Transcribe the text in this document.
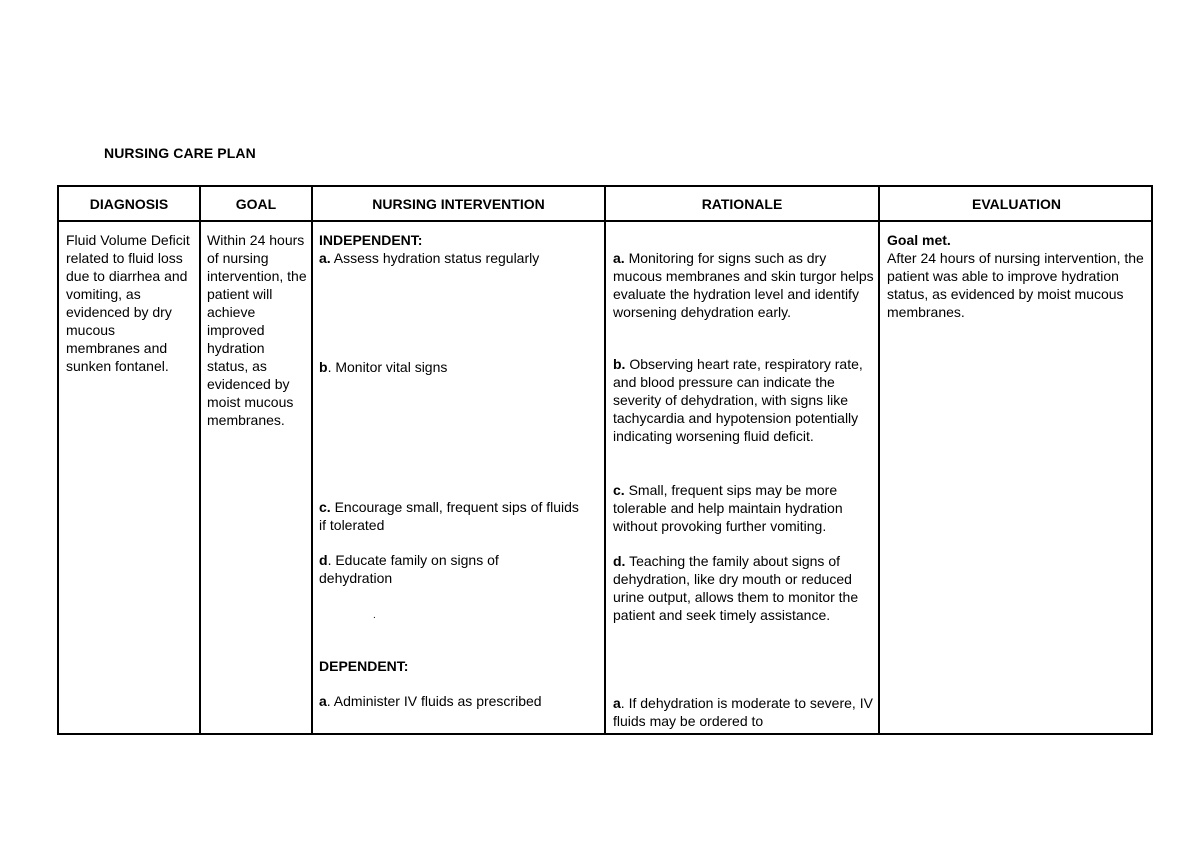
NURSING CARE PLAN
DIAGNOSIS
Fluid Volume Deficit related to fluid loss due to diarrhea and vomiting, as evidenced by dry mucous membranes and sunken fontanel.
GOAL
Within 24 hours of nursing intervention, the patient will achieve improved hydration status, as evidenced by moist mucous membranes.
NURSING INTERVENTION
INDEPENDENT:
a. Assess hydration status regularly
b. Monitor vital signs
c. Encourage small, frequent sips of fluids if tolerated
d. Educate family on signs of dehydration
.
DEPENDENT:
a. Administer IV fluids as prescribed
RATIONALE
a. Monitoring for signs such as dry mucous membranes and skin turgor helps evaluate the hydration level and identify worsening dehydration early.
b. Observing heart rate, respiratory rate, and blood pressure can indicate the severity of dehydration, with signs like tachycardia and hypotension potentially indicating worsening fluid deficit.
c. Small, frequent sips may be more tolerable and help maintain hydration without provoking further vomiting.
d. Teaching the family about signs of dehydration, like dry mouth or reduced urine output, allows them to monitor the patient and seek timely assistance.
a. If dehydration is moderate to severe, IV fluids may be ordered to
EVALUATION
Goal met.
After 24 hours of nursing intervention, the patient was able to improve hydration status, as evidenced by moist mucous membranes.
